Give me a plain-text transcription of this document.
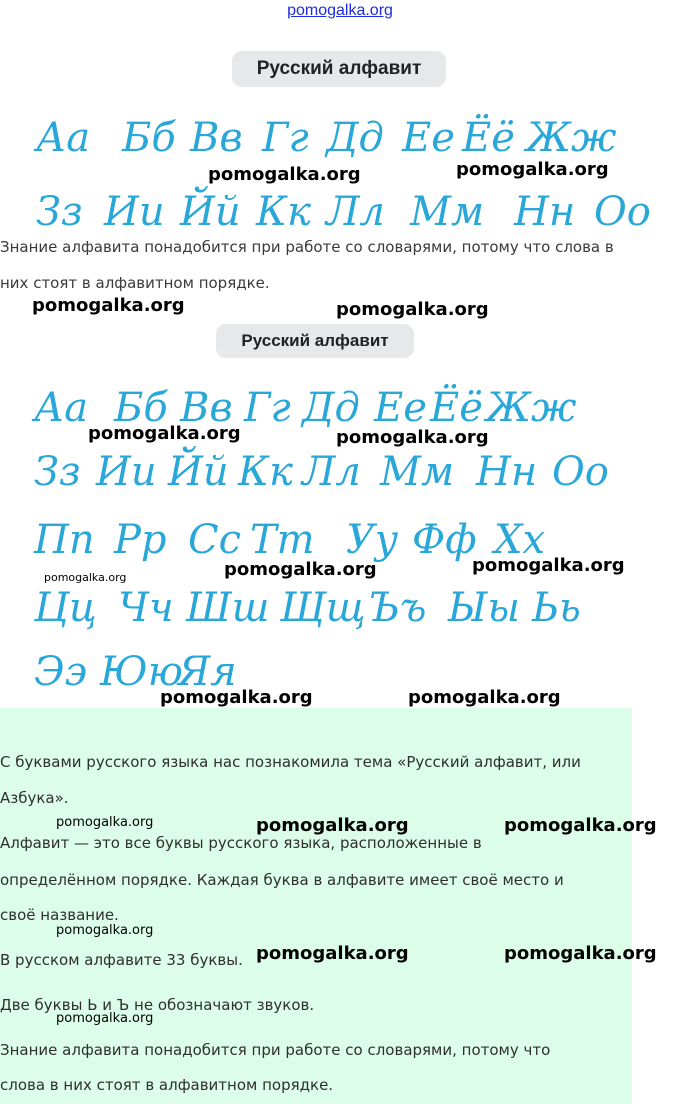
pomogalka.org
Русский алфавит
Аа Бб Вв Гг Дд Ее Ёё Жж
Зз Ии Йй Кк Лл Мм Нн Оо
Знание алфавита понадобится при работе со словарями, потому что слова в
них стоят в алфавитном порядке.
Русский алфавит
Аа Бб Вв Гг Дд Ее Ёё Жж
Зз Ии Йй Кк Лл Мм Нн Оо
Пп Рр Сс Тт Уу Фф Хх
Цц Чч Шш Щщ Ъъ Ыы Ьь
Ээ Юю
Яя
С буквами русского языка нас познакомила тема «Русский алфавит, или
Азбука».
Алфавит — это все буквы русского языка, расположенные в
определённом порядке. Каждая буква в алфавите имеет своё место и
своё название.
В русском алфавите 33 буквы.
Две буквы Ь и Ъ не обозначают звуков.
Знание алфавита понадобится при работе со словарями, потому что
слова в них стоят в алфавитном порядке.
pomogalka.org	pomogalka.org
pomogalka.org	pomogalka.org
pomogalka.org	pomogalka.org
pomogalka.org	pomogalka.org	pomogalka.org
pomogalka.org	pomogalka.org
pomogalka.org	pomogalka.org	pomogalka.org
pomogalka.org
pomogalka.org	pomogalka.org
pomogalka.org
